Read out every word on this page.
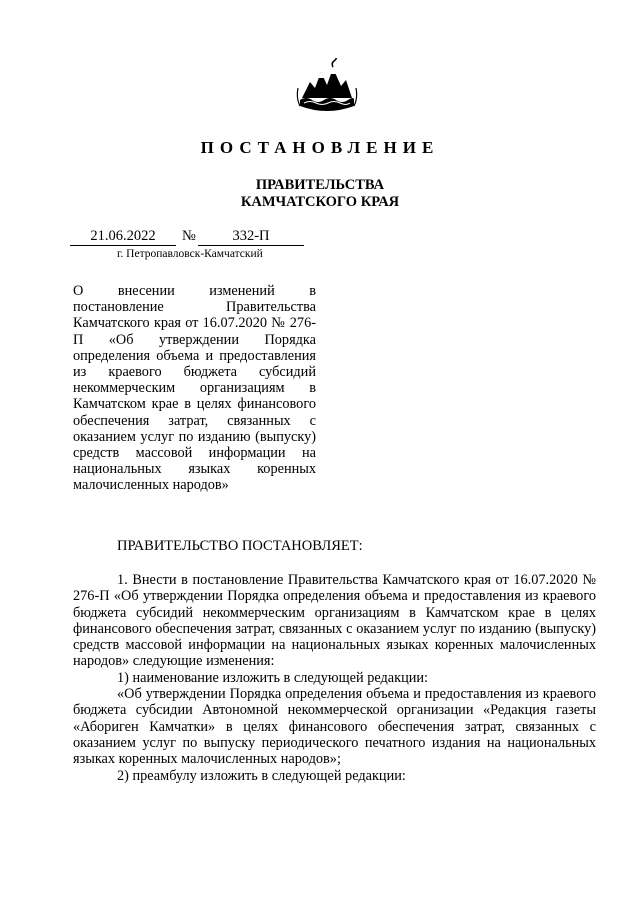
ПОСТАНОВЛЕНИЕ
ПРАВИТЕЛЬСТВА
КАМЧАТСКОГО КРАЯ
21.06.2022	№	332-П
г. Петропавловск-Камчатский

О внесении изменений в постановление Правительства Камчатского края от 16.07.2020 № 276-П «Об утверждении Порядка определения объема и предоставления из краевого бюджета субсидий некоммерческим организациям в Камчатском крае в целях финансового обеспечения затрат, связанных с оказанием услуг по изданию (выпуску) средств массовой информации на национальных языках коренных малочисленных народов»

ПРАВИТЕЛЬСТВО ПОСТАНОВЛЯЕТ:

1. Внести в постановление Правительства Камчатского края от 16.07.2020 № 276-П «Об утверждении Порядка определения объема и предоставления из краевого бюджета субсидий некоммерческим организациям в Камчатском крае в целях финансового обеспечения затрат, связанных с оказанием услуг по изданию (выпуску) средств массовой информации на национальных языках коренных малочисленных народов» следующие изменения:

1) наименование изложить в следующей редакции:

«Об утверждении Порядка определения объема и предоставления из краевого бюджета субсидии Автономной некоммерческой организации «Редакция газеты «Абориген Камчатки» в целях финансового обеспечения затрат, связанных с оказанием услуг по выпуску периодического печатного издания на национальных языках коренных малочисленных народов»;

2) преамбулу изложить в следующей редакции:
